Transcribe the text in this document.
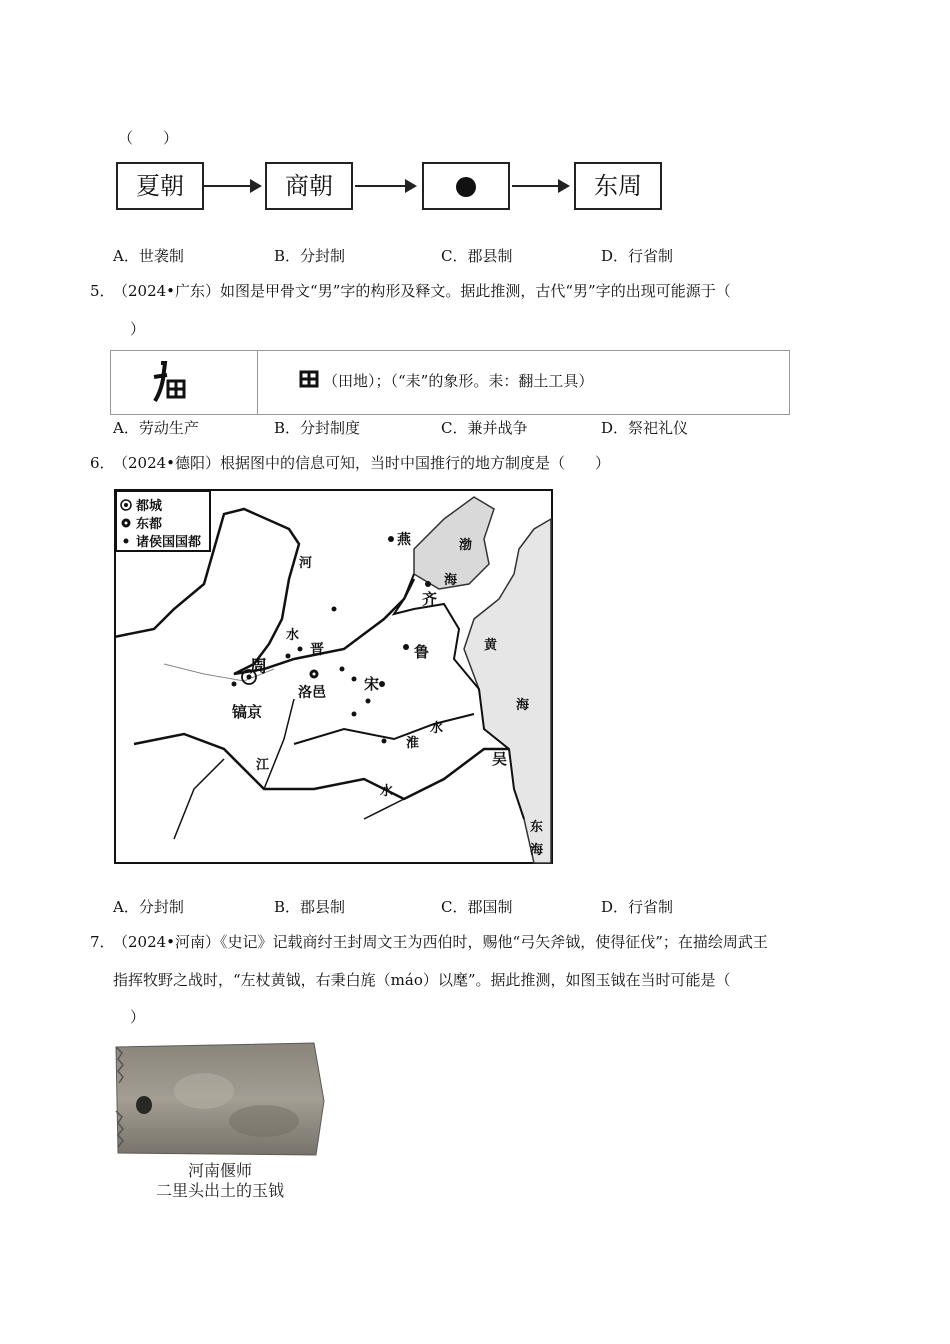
（　　）
夏朝	商朝	东周
A．世袭制	B．分封制	C．郡县制	D．行省制
5．
（2024•广东）如图是甲骨文“男”字的构形及释文。据此推测，古代“男”字的出现可能源于（
）
（田地）；（“耒”的象形。耒：翻土工具）
A．劳动生产	B．分封制度	C．兼并战争	D．祭祀礼仪
6．
（2024•德阳）根据图中的信息可知，当时中国推行的地方制度是（　　）
都城
东都
诸侯国国都	燕	渤
海
河
水
晋
齐
鲁
周
洛邑	宋
镐京
黄
海
淮
水
吴
江
水
东
海
A．分封制	B．郡县制	C．郡国制	D．行省制
7．
（2024•河南）《史记》记载商纣王封周文王为西伯时，赐他“弓矢斧钺，使得征伐”；在描绘周武王
指挥牧野之战时，“左杖黄钺，右秉白旄（máo）以麾”。据此推测，如图玉钺在当时可能是（
）
河南偃师
二里头出土的玉钺
